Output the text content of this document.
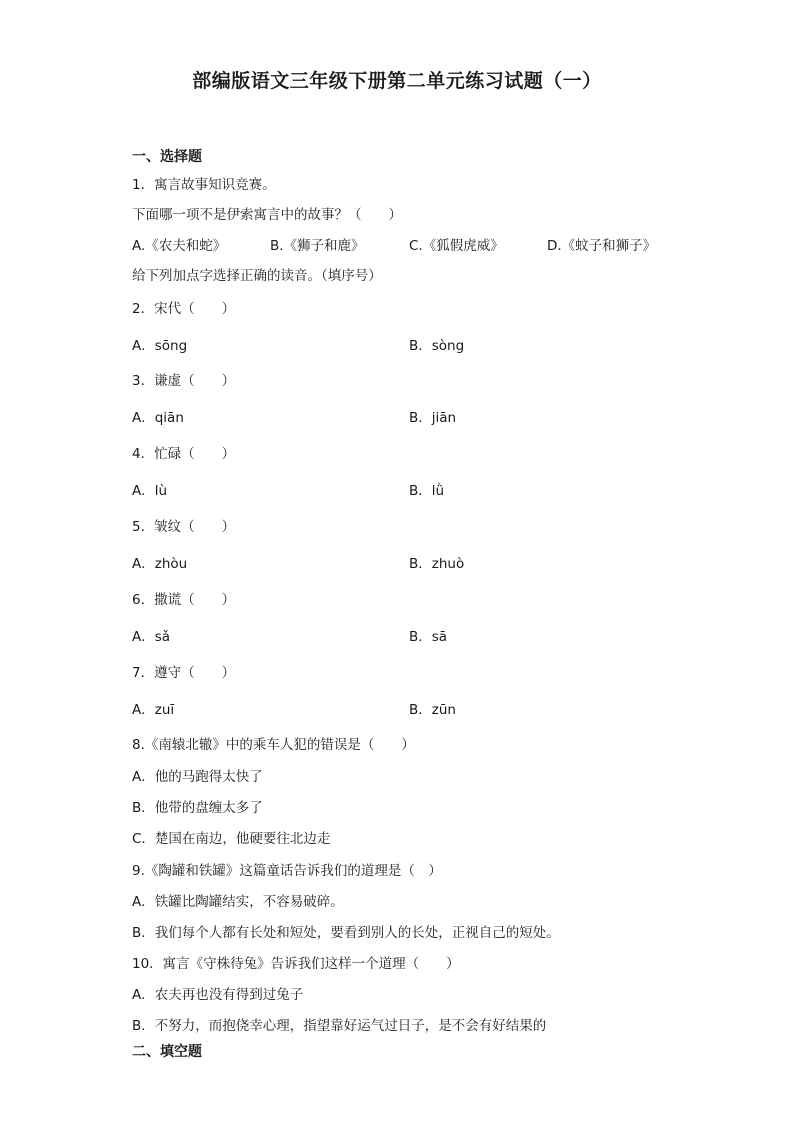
部编版语文三年级下册第二单元练习试题（一）
一、选择题
1．寓言故事知识竞赛。
下面哪一项不是伊索寓言中的故事？（　　）
A.《农夫和蛇》	B.《狮子和鹿》	C.《狐假虎威》	D.《蚊子和狮子》
给下列加点字选择正确的读音。（填序号）
2．宋代（　　）
A．sōng	B．sòng
3．谦虚（　　）
A．qiān	B．jiān
4．忙碌（　　）
A．lù	B．lǜ
5．皱纹（　　）
A．zhòu	B．zhuò
6．撒谎（　　）
A．sǎ	B．sā
7．遵守（　　）
A．zuī	B．zūn
8.《南辕北辙》中的乘车人犯的错误是（　　）
A．他的马跑得太快了
B．他带的盘缠太多了
C．楚国在南边，他硬要往北边走
9.《陶罐和铁罐》这篇童话告诉我们的道理是（　）
A．铁罐比陶罐结实，不容易破碎。
B．我们每个人都有长处和短处，要看到别人的长处，正视自己的短处。
10．寓言《守株待兔》告诉我们这样一个道理（　　）
A．农夫再也没有得到过兔子
B．不努力，而抱侥幸心理，指望靠好运气过日子，是不会有好结果的
二、填空题
